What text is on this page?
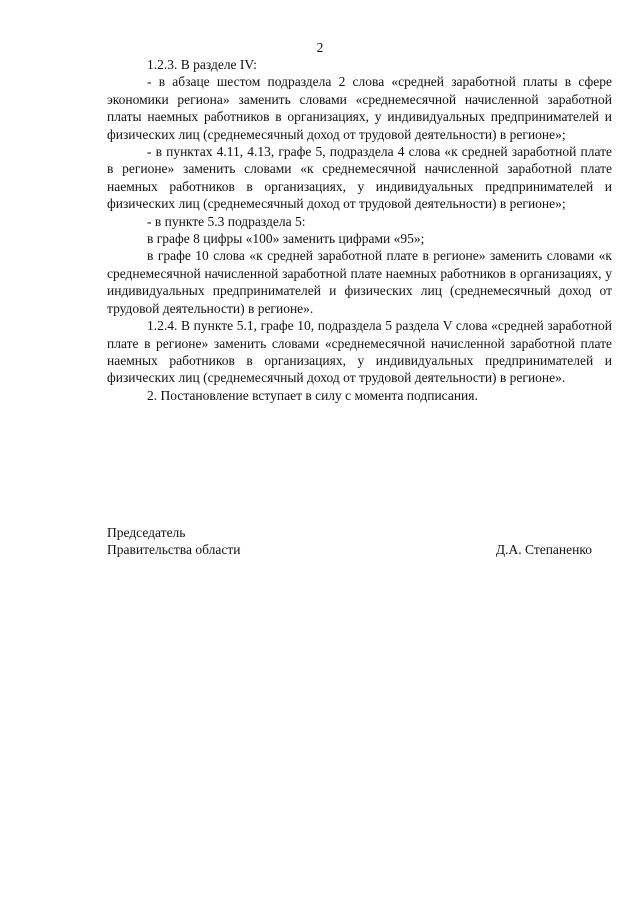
2

1.2.3. В разделе IV:

- в абзаце шестом подраздела 2 слова «средней заработной платы в сфере экономики региона» заменить словами «среднемесячной начисленной заработной платы наемных работников в организациях, у индивидуальных предпринимателей и физических лиц (среднемесячный доход от трудовой деятельности) в регионе»;

- в пунктах 4.11, 4.13, графе 5, подраздела 4 слова «к средней заработной плате в регионе» заменить словами «к среднемесячной начисленной заработной плате наемных работников в организациях, у индивидуальных предпринимателей и физических лиц (среднемесячный доход от трудовой деятельности) в регионе»;

- в пункте 5.3 подраздела 5:

в графе 8 цифры «100» заменить цифрами «95»;

в графе 10 слова «к средней заработной плате в регионе» заменить словами «к среднемесячной начисленной заработной плате наемных работников в организациях, у индивидуальных предпринимателей и физических лиц (среднемесячный доход от трудовой деятельности) в регионе».

1.2.4. В пункте 5.1, графе 10, подраздела 5 раздела V слова «средней заработной плате в регионе» заменить словами «среднемесячной начисленной заработной плате наемных работников в организациях, у индивидуальных предпринимателей и физических лиц (среднемесячный доход от трудовой деятельности) в регионе».

2. Постановление вступает в силу с момента подписания.

Председатель
Правительства области	Д.А. Степаненко
